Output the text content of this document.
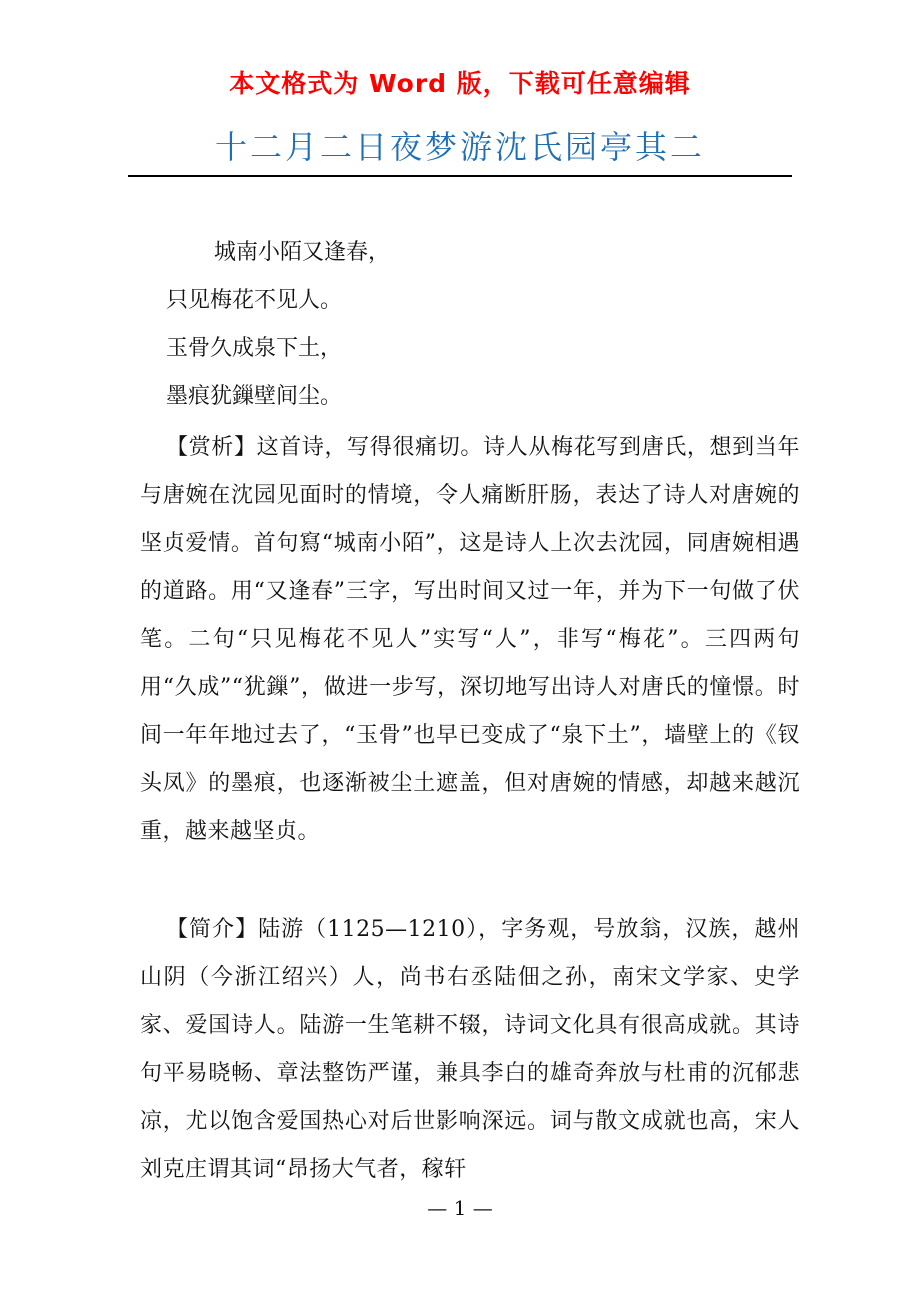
本文格式为 Word 版，下载可任意编辑
十二月二日夜梦游沈氏园亭其二
城南小陌又逢春，
只见梅花不见人。
玉骨久成泉下土，
墨痕犹鏁壁间尘。

【赏析】这首诗，写得很痛切。诗人从梅花写到唐氏，想到当年与唐婉在沈园见面时的情境，令人痛断肝肠，表达了诗人对唐婉的坚贞爱情。首句寫“城南小陌”，这是诗人上次去沈园，同唐婉相遇的道路。用“又逢春”三字，写出时间又过一年，并为下一句做了伏笔。二句“只见梅花不见人”实写“人”，非写“梅花”。三四两句用“久成”“犹鏁”，做进一步写，深切地写出诗人对唐氏的憧憬。时间一年年地过去了，“玉骨”也早已变成了“泉下土”，墙壁上的《钗头凤》的墨痕，也逐渐被尘土遮盖，但对唐婉的情感，却越来越沉重，越来越坚贞。

【简介】陆游（1125—1210），字务观，号放翁，汉族，越州山阴（今浙江绍兴）人，尚书右丞陆佃之孙，南宋文学家、史学家、爱国诗人。陆游一生笔耕不辍，诗词文化具有很高成就。其诗句平易晓畅、章法整饬严谨，兼具李白的雄奇奔放与杜甫的沉郁悲凉，尤以饱含爱国热心对后世影响深远。词与散文成就也高，宋人刘克庄谓其词“昂扬大气者，稼轩

— 1 —
